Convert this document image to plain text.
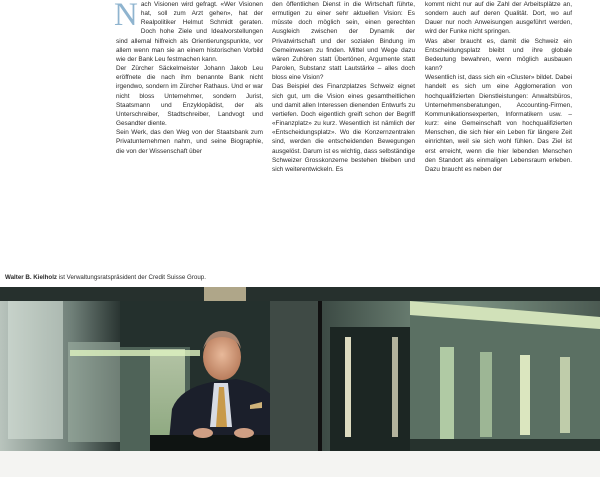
Nach Visionen wird gefragt. «Wer Visionen hat, soll zum Arzt gehen», hat der Realpolitiker Helmut Schmidt geraten. Doch hohe Ziele und Idealvorstellungen sind allemal hilfreich als Orientierungspunkte, vor allem wenn man sie an einem historischen Vorbild wie der Bank Leu festmachen kann.

Der Zürcher Säckelmeister Johann Jakob Leu eröffnete die nach ihm benannte Bank nicht irgendwo, sondern im Zürcher Rathaus. Und er war nicht bloss Unternehmer, sondern Jurist, Staatsmann und Enzyklopädist, der als Unterschreiber, Stadtschreiber, Landvogt und Gesandter diente.

Sein Werk, das den Weg von der Staatsbank zum Privatunternehmen nahm, und seine Biographie, die von der Wissenschaft über

den öffentlichen Dienst in die Wirtschaft führte, ermutigen zu einer sehr aktuellen Vision: Es müsste doch möglich sein, einen gerechten Ausgleich zwischen der Dynamik der Privatwirtschaft und der sozialen Bindung im Gemeinwesen zu finden. Mittel und Wege dazu wären Zuhören statt Übertönen, Argumente statt Parolen, Substanz statt Lautstärke – alles doch bloss eine Vision?

Das Beispiel des Finanzplatzes Schweiz eignet sich gut, um die Vision eines gesamtheitlichen und damit allen Interessen dienenden Entwurfs zu vertiefen. Doch eigentlich greift schon der Begriff «Finanzplatz» zu kurz. Wesentlich ist nämlich der «Entscheidungsplatz». Wo die Konzernzentralen sind, werden die entscheidenden Bewegungen ausgelöst. Darum ist es wichtig, dass selbständige Schweizer Grosskonzerne bestehen bleiben und sich weiterentwickeln. Es

kommt nicht nur auf die Zahl der Arbeitsplätze an, sondern auch auf deren Qualität. Dort, wo auf Dauer nur noch Anweisungen ausgeführt werden, wird der Funke nicht springen.

Was aber braucht es, damit die Schweiz ein Entscheidungsplatz bleibt und ihre globale Bedeutung bewahren, wenn möglich ausbauen kann?

Wesentlich ist, dass sich ein «Cluster» bildet. Dabei handelt es sich um eine Agglomeration von hochqualifizierten Dienstleistungen: Anwaltsbüros, Unternehmensberatungen, Accounting-Firmen, Kommunikationsexperten, Informatikern usw. – kurz: eine Gemeinschaft von hochqualifizierten Menschen, die sich hier ein Leben für längere Zeit einrichten, weil sie sich wohl fühlen. Das Ziel ist erst erreicht, wenn die hier lebenden Menschen den Standort als einmaligen Lebensraum erleben. Dazu braucht es neben der

Walter B. Kielholz ist Verwaltungsratspräsident der Credit Suisse Group.
